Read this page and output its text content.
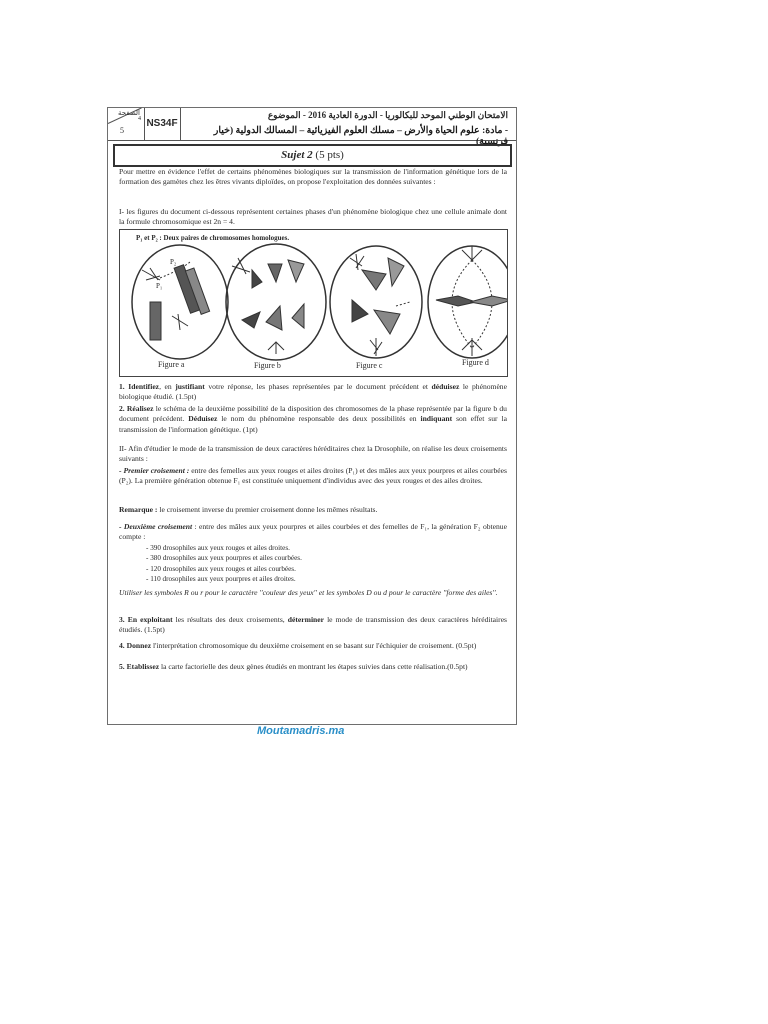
الصفحة
4
5
NS34F
الامتحان الوطني الموحد للبكالوريا - الدورة العادية 2016 - الموضوع
- مادة: علوم الحياة والأرض – مسلك العلوم الفيزيائية – المسالك الدولية (خيار فرنسية)
Sujet 2 (5 pts)
Pour mettre en évidence l'effet de certains phénomènes biologiques sur la transmission de l'information génétique lors de la formation des gamètes chez les êtres vivants diploïdes, on propose l'exploitation des données suivantes :
I- les figures du document ci-dessous représentent certaines phases d'un phénomène biologique chez une cellule animale dont la formule chromosomique est 2n = 4.
P₁ et P₂ : Deux paires de chromosomes homologues.
P₂
P₁
Figure a	Figure b	Figure c	Figure d
1. Identifiez, en justifiant votre réponse, les phases représentées par le document précédent et déduisez le phénomène biologique étudié. (1.5pt)
2. Réalisez le schéma de la deuxième possibilité de la disposition des chromosomes de la phase représentée par la figure b du document précédent. Déduisez le nom du phénomène responsable des deux possibilités en indiquant son effet sur la transmission de l'information génétique. (1pt)
II- Afin d'étudier le mode de la transmission de deux caractères héréditaires chez la Drosophile, on réalise les deux croisements suivants :
- Premier croisement : entre des femelles aux yeux rouges et ailes droites (P₁) et des mâles aux yeux pourpres et ailes courbées (P₂). La première génération obtenue F₁ est constituée uniquement d'individus avec des yeux rouges et des ailes droites.
Remarque : le croisement inverse du premier croisement donne les mêmes résultats.
- Deuxième croisement : entre des mâles aux yeux pourpres et ailes courbées et des femelles de F₁, la génération F₂ obtenue compte :
- 390 drosophiles aux yeux rouges et ailes droites.
- 380 drosophiles aux yeux pourpres et ailes courbées.
- 120 drosophiles aux yeux rouges et ailes courbées.
- 110 drosophiles aux yeux pourpres et ailes droites.
Utiliser les symboles R ou r pour le caractère ''couleur des yeux'' et les symboles D ou d pour le caractère ''forme des ailes''.
3. En exploitant les résultats des deux croisements, déterminer le mode de transmission des deux caractères héréditaires étudiés. (1.5pt)
4. Donnez l'interprétation chromosomique du deuxième croisement en se basant sur l'échiquier de croisement. (0.5pt)
5. Etablissez la carte factorielle des deux gènes étudiés en montrant les étapes suivies dans cette réalisation.(0.5pt)
Moutamadris.ma
